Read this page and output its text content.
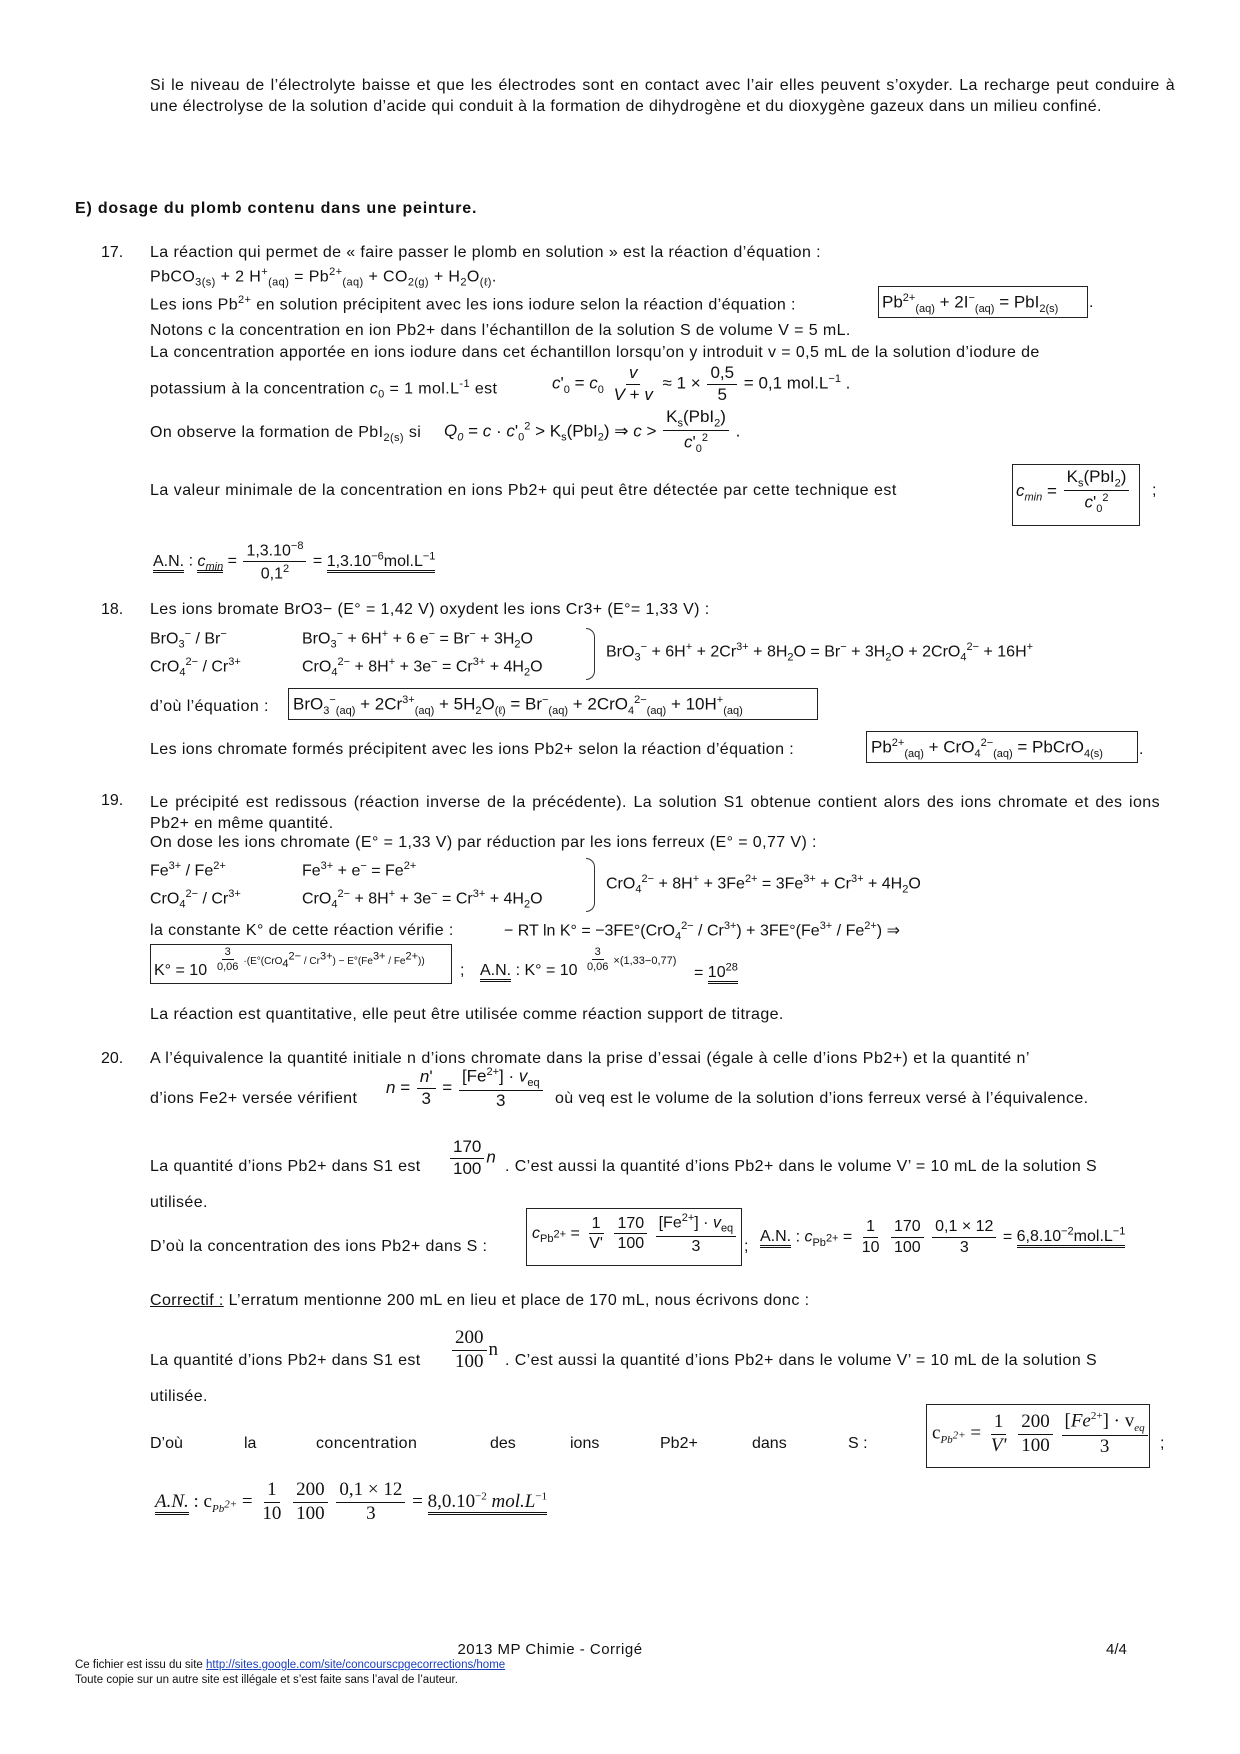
Si le niveau de l’électrolyte baisse et que les électrodes sont en contact avec l’air elles peuvent s’oxyder. La recharge peut conduire à une électrolyse de la solution d’acide qui conduit à la formation de dihydrogène et du dioxygène gazeux dans un milieu confiné.
E) dosage du plomb contenu dans une peinture.
17. La réaction qui permet de « faire passer le plomb en solution » est la réaction d’équation :
PbCO$_{3(s)}$ + 2 $H^+_{(aq)} = Pb^{2+}_{(aq)} + CO_{2(g)} + H_2O_{(\ell)}$.
Les ions $Pb^{2+}$ en solution précipitent avec les ions iodure selon la réaction d’équation :	$Pb^{2+}_{(aq)} + 2I^-_{(aq)} = PbI_{2(s)}$ .
Notons c la concentration en ion Pb2+ dans l’échantillon de la solution S de volume V = 5 mL.
La concentration apportée en ions iodure dans cet échantillon lorsqu’on y introduit v = 0,5 mL de la solution d’iodure de
potassium à la concentration $c_0 = 1$ $mol.L^{-1}$ est	$c'_0 = c_0 \frac{v}{V + v} \approx 1 \times \frac{0,5}{5} = 0,1$ $mol.L^{-1}$ .
On observe la formation de PbI$_{2(s)}$ si $Q_0 = c \cdot c'_0^2 > K_s(PbI_2)$ ⇒ $c > \frac{K_s(PbI_2)}{c'_0^2}$ .
La valeur minimale de la concentration en ions Pb2+ qui peut être détectée par cette technique est	$c_{min} = \frac{K_s(PbI_2)}{c'_0^2}$ ;
A.N. : $c_{min} = \frac{1,3.10^{-8}}{0,1^2} = 1,3.10^{-6}mol.L^{-1}$
18. Les ions bromate BrO3− (E° = 1,42 V) oxydent les ions Cr3+ (E°= 1,33 V) :
BrO$_3$− / Br−	BrO$_3$− + 6H+ + 6 $e^- = Br^- + 3H_2O$
$CrO_4^{2-} / Cr^{3+}$	$CrO_4^{2-} + 8H^+ + 3e^- = Cr^{3+} + 4H_2O$
$BrO_3^- + 6H^+ + 2Cr^{3+} + 8H_2O = Br^- + 3H_2O + 2CrO_4^{2-} + 16H^+$
d’où l’équation : $BrO_3^-_{(aq)} + 2Cr^{3+}_{(aq)} + 5H_2O_{(\ell)} = Br^-_{(aq)} + 2CrO_4^{2-}_{(aq)} + 10H^+_{(aq)}$
Les ions chromate formés précipitent avec les ions Pb2+ selon la réaction d’équation :	$Pb^{2+}_{(aq)} + CrO_4^{2-}_{(aq)}$ = PbCrO$_{4(s)}$ .
19. Le précipité est redissous (réaction inverse de la précédente). La solution S1 obtenue contient alors des ions chromate et des ions Pb2+ en même quantité.
On dose les ions chromate (E° = 1,33 V) par réduction par les ions ferreux (E° = 0,77 V) :
$Fe^{3+} / Fe^{2+}$	$Fe^{3+} + e^- = Fe^{2+}$
$CrO_4^{2-} / Cr^{3+}$	$CrO_4^{2-} + 8H^+ + 3e^- = Cr^{3+} + 4H_2O$
$CrO_4^{2-} + 8H^+ + 3Fe^{2+} = 3Fe^{3+} + Cr^{3+} + 4H_2O$
la constante K° de cette réaction vérifie :	− RT $\ln K^\circ = -3FE^\circ(CrO_4^{2-} / Cr^{3+}) + 3FE^\circ(Fe^{3+} / Fe^{2+})$ ⇒
$K^\circ = 10 \frac{3}{0,06} \cdot(E^\circ(CrO_4^{2-} / Cr^{3+}) - E^\circ(Fe^{3+} / Fe^{2+}))$
; A.N. : $K^\circ = 10 \frac{3}{0,06} \times(1,33-0,77)$
= $10^{28}$
La réaction est quantitative, elle peut être utilisée comme réaction support de titrage.
20. A l’équivalence la quantité initiale n d’ions chromate dans la prise d’essai (égale à celle d’ions Pb2+) et la quantité n’
d’ions Fe2+ versée vérifient
$n = \frac{n'}{3} = \frac{[Fe^{2+}] \cdot v_{eq}}{3}$ où veq est le volume de la solution d’ions ferreux versé à l’équivalence.
La quantité d’ions Pb2+ dans S1 est $\frac{170}{100}$ n . C’est aussi la quantité d’ions Pb2+ dans le volume V’ = 10 mL de la solution S
utilisée.
D’où la concentration des ions Pb2+ dans S :
$c_{Pb^{2+}} = \frac{1}{V'}$
$\frac{170}{100}$
$\frac{[Fe^{2+}] \cdot v_{eq}}{3}$ ;
A.N. : $c_{Pb^{2+}} = \frac{1}{10}$
$\frac{170}{100}$
$\frac{0,1 \times 12}{3} = 6,8.10^{-2}mol.L^{-1}$
Correctif : L’erratum mentionne 200 mL en lieu et place de 170 mL, nous écrivons donc :
La quantité d’ions Pb2+ dans S1 est $\frac{200}{100}$ n
. C’est aussi la quantité d’ions Pb2+ dans le volume V’ = 10 mL de la solution S
utilisée.
D’où	la	concentration	des	ions	Pb2+	dans	S :
$c_{Pb^{2+}} = \frac{1}{V'}$
$\frac{200}{100}$
$\frac{[Fe^{2+}] \cdot v_{eq}}{3}$ ;
A.N. : $c_{Pb^{2+}} = \frac{1}{10}$
$\frac{200}{100}$
$\frac{0,1 \times 12}{3} = 8,0.10^{-2}$ $mol.L^{-1}$
2013 MP Chimie - Corrigé	4/4
Ce fichier est issu du site http://sites.google.com/site/concourscpgecorrections/home
Toute copie sur un autre site est illégale et s’est faite sans l’aval de l’auteur.
